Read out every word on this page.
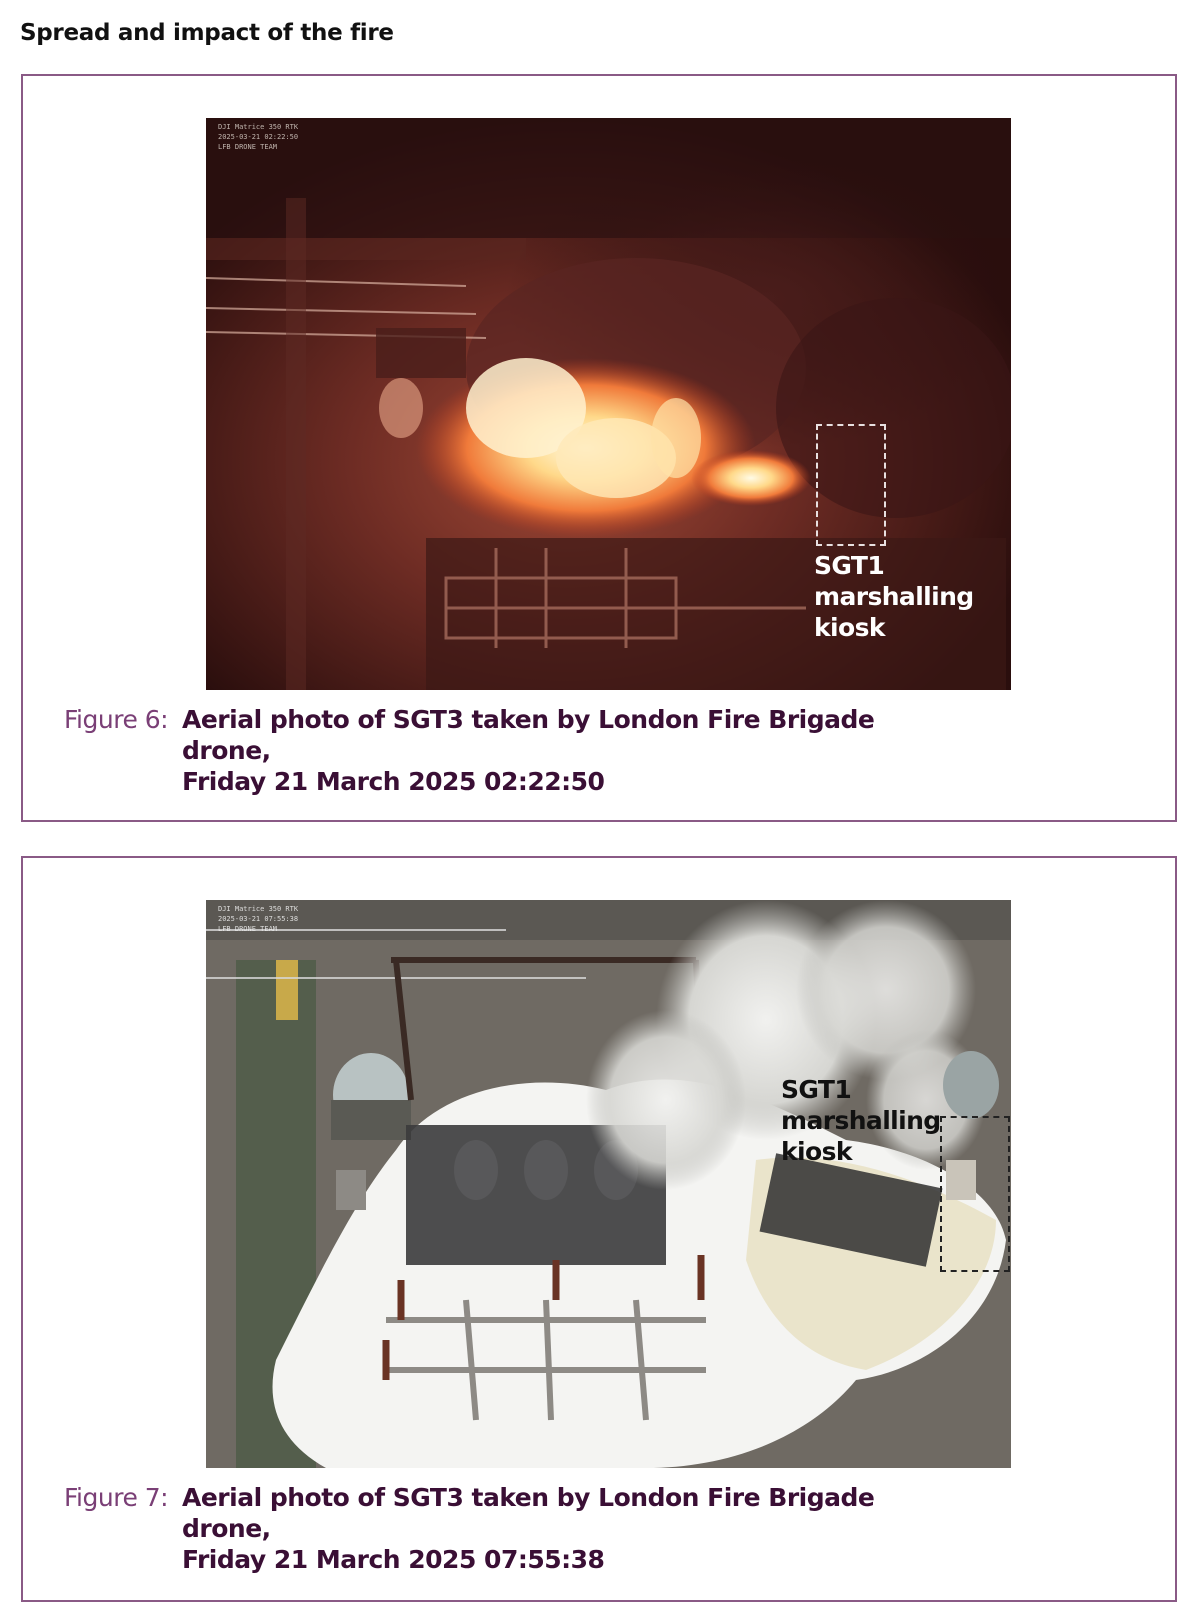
Spread and impact of the fire
DJI Matrice 350 RTK
2025-03-21 02:22:50
LFB DRONE TEAM
SGT1
marshalling
kiosk
Figure 6: Aerial photo of SGT3 taken by London Fire Brigade drone,
Friday 21 March 2025 02:22:50
DJI Matrice 350 RTK
2025-03-21 07:55:38
LFB DRONE TEAM
SGT1
marshalling
kiosk
Figure 7: Aerial photo of SGT3 taken by London Fire Brigade drone,
Friday 21 March 2025 07:55:38
